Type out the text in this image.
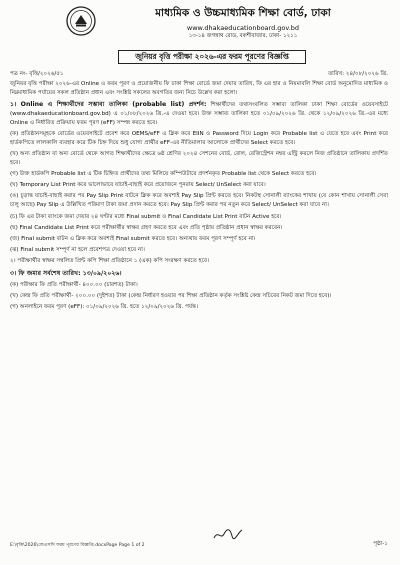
মাধ্যমিক ও উচ্চমাধ্যমিক শিক্ষা বোর্ড, ঢাকা
www.dhakaeducationboard.gov.bd
১৩-১৪ জগন্নাথ রোড, বকশীবাজার, ঢাকা- ১২১১
জুনিয়র বৃত্তি পরীক্ষা ২০২৬-এর ফরম পূরণের বিজ্ঞপ্তি
পত্র নং- বৃত্তি/২০২৬/৫১	তারিখ: ২৪/০৮/২০২৬ খ্রি.

জুনিয়র বৃত্তি পরীক্ষা ২০২৬-এর Online এ ফরম পূরণ ও প্রয়োজনীয় ফি ঢাকা শিক্ষা বোর্ডে জমা দেয়ার তারিখ, ফি এর হার ও নিয়মাবলি শিক্ষা বোর্ড অনুমোদিত মাধ্যমিক ও নিম্নমাধ্যমিক পর্যায়ের সকল প্রতিষ্ঠান প্রধান এবং সংশ্লিষ্ট সকলের অবগতির জন্য নিচে উল্লেখ করা হলো।

১। Online এ শিক্ষার্থীদের সম্ভাব্য তালিকা (probable list) প্রদর্শন: শিক্ষার্থীদের তথ্যসংবলিত সম্ভাব্য তালিকা ঢাকা শিক্ষা বোর্ডের ওয়েবসাইটে (www.dhakaeducationboard.gov.bd) এ ০১/০৮/২০২৬ খ্রি.-এ দেওয়া হবে। উক্ত সম্ভাব্য তালিকা হতে ০১/০৯/২০২৬ খ্রি. থেকে ১২/০৯/২০২৬ খ্রি.-এর মধ্যে Online এ নির্ধারিত প্রক্রিয়ায় ফরম পূরণ (eFF) সম্পন্ন করতে হবে।

(ক) প্রতিষ্ঠানসমূহকে বোর্ডের ওয়েবসাইটে প্রবেশ করে OEMS/eFF এ ক্লিক করে EIIN ও Password দিয়ে Login করে Probable list এ যেতে হবে এবং Print করে হার্ডকপিতে লালকালি ব্যবহার করে টিক চিহ্ন দিয়ে শুধু যোগ্য প্রার্থীর eFF-এর নীতিমালার আলোকে প্রার্থীদের Select করতে হবে।

(খ) অন্য প্রতিষ্ঠান বা অন্য বোর্ডে থেকে আগত শিক্ষার্থীদের ক্ষেত্রে ৬ষ্ঠ শ্রেণির ২০২৪ সেশনের বোর্ড, রোল, রেজিস্ট্রেশন নম্বর এন্ট্রি করলে নিজ প্রতিষ্ঠানে তালিকায় প্রদর্শিত হবে।

(গ) উক্ত হার্ডকপি Probable list এ টিক চিহ্নিত প্রার্থীদের তথ্য মিলিয়ে কম্পিউটারে প্রদর্শনকৃত Probable list থেকে Select করতে হবে।

(ঘ) Temporary List Print করে ভালোভাবে যাচাই-বাছাই করে প্রয়োজনে পুনরায় Select/ UnSelect করা যাবে।

(ঙ) চূড়ান্ত যাচাই-বাছাই করার পর Pay Slip Print বাটনে ক্লিক করে অবশ্যই Pay Slip প্রিন্ট করতে হবে। নিকটস্থ সোনালী ব্যাংকের শাখায় (যে কোন শাখায় সোনালী সেবা চালু আছে) Pay Slip এ উল্লিখিত পরিমাণ টাকা জমা প্রদান করতে হবে। Pay Slip প্রিন্ট করার পর নতুন করে Select/ UnSelect করা যাবে না।

(চ) ফি এর টাকা ব্যাংকে জমা দেয়ার ২৪ ঘণ্টার মধ্যে Final submit ও Final Candidate List Print বাটন Active হবে।

(ছ) Final Candidate List Print করে পরীক্ষার্থীর স্বাক্ষর গ্রহণ করতে হবে এবং প্রতি পৃষ্ঠায় প্রতিষ্ঠান প্রধান স্বাক্ষর করবেন।

(জ) Final submit বাটন এ ক্লিক করে অবশ্যই Final submit করতে হবে। অন্যথায় ফরম পূরণ সম্পূর্ণ হবে না।

(ঝ) Final submit সম্পূর্ণ না হলে প্রবেশপত্র দেওয়া হবে না।

২। পরীক্ষার্থীর স্বাক্ষর সম্বলিত প্রিন্ট কপি শিক্ষা প্রতিষ্ঠানে ১ (এক) কপি সংরক্ষণ করতে হবে।

৩। ফি জমার সর্বশেষ তারিখ: ১৩/০৯/২০২৬।

(ক) পরীক্ষার ফি প্রতি পরীক্ষার্থী- ৪০০.০০ (চারশত) টাকা।

(খ) কেন্দ্র ফি প্রতি পরীক্ষার্থী- ২০০.০০ (দুইশত) টাকা (কেন্দ্র নির্ধারণ হওয়ার পর শিক্ষা প্রতিষ্ঠান কর্তৃক সংশ্লিষ্ট কেন্দ্র সচিবের নিকট জমা দিতে হবে)।

(গ) অনলাইনে ফরম পূরণ (eFF): ০১/০৯/২০২৬ খ্রি. হতে ১২/০৯/২০২৬ খ্রি. পর্যন্ত।

E:\বৃত্তি\2026\জেএসসি ফরম পূরণের বিজ্ঞপ্তি.docxPage Page 1 of 2	পৃষ্ঠা-১
